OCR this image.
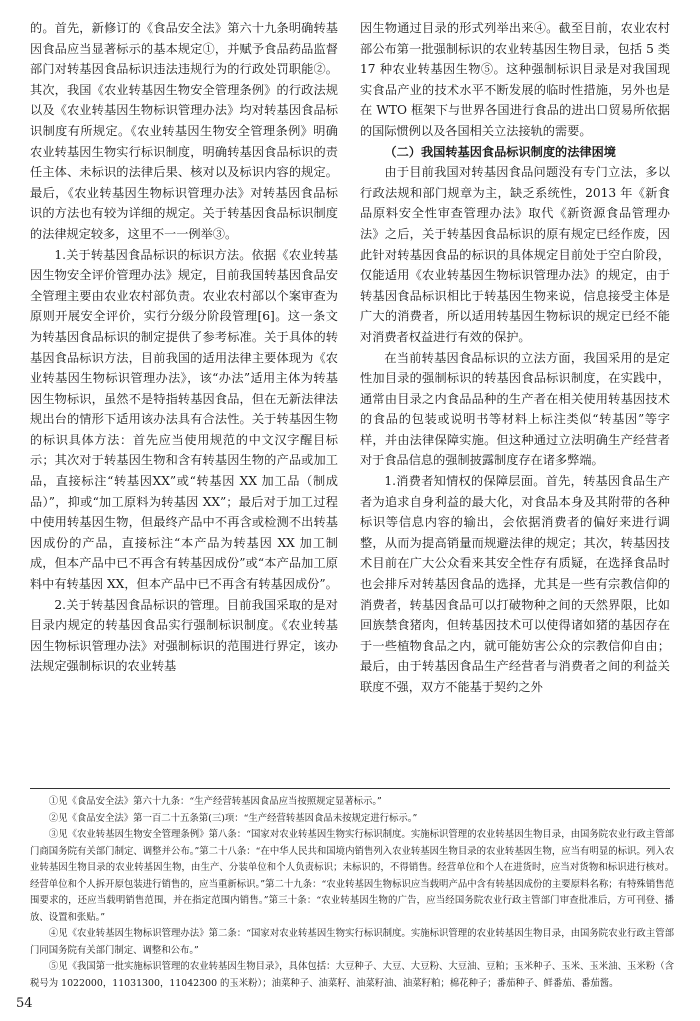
的。首先，新修订的《食品安全法》第六十九条明确转基因食品应当显著标示的基本规定①，并赋予食品药品监督部门对转基因食品标识违法违规行为的行政处罚职能②。其次，我国《农业转基因生物安全管理条例》的行政法规以及《农业转基因生物标识管理办法》均对转基因食品标识制度有所规定。《农业转基因生物安全管理条例》明确农业转基因生物实行标识制度，明确转基因食品标识的责任主体、未标识的法律后果、核对以及标识内容的规定。最后，《农业转基因生物标识管理办法》对转基因食品标识的方法也有较为详细的规定。关于转基因食品标识制度的法律规定较多，这里不一一例举③。

1.关于转基因食品标识的标识方法。依据《农业转基因生物安全评价管理办法》规定，目前我国转基因食品安全管理主要由农业农村部负责。农业农村部以个案审查为原则开展安全评价，实行分级分阶段管理[6]。这一条文为转基因食品标识的制定提供了参考标准。关于具体的转基因食品标识方法，目前我国的适用法律主要体现为《农业转基因生物标识管理办法》，该“办法”适用主体为转基因生物标识，虽然不是特指转基因食品，但在无新法律法规出台的情形下适用该办法具有合法性。关于转基因生物的标识具体方法：首先应当使用规范的中文汉字醒目标示；其次对于转基因生物和含有转基因生物的产品或加工品，直接标注“转基因XX”或“转基因 XX 加工品（制成品）”，抑或“加工原料为转基因 XX”；最后对于加工过程中使用转基因生物，但最终产品中不再含或检测不出转基因成份的产品，直接标注“本产品为转基因 XX 加工制成，但本产品中已不再含有转基因成份”或“本产品加工原料中有转基因 XX，但本产品中已不再含有转基因成份”。

2.关于转基因食品标识的管理。目前我国采取的是对目录内规定的转基因食品实行强制标识制度。《农业转基因生物标识管理办法》对强制标识的范围进行界定，该办法规定强制标识的农业转基

因生物通过目录的形式列举出来④。截至目前，农业农村部公布第一批强制标识的农业转基因生物目录，包括 5 类 17 种农业转基因生物⑤。这种强制标识目录是对我国现实食品产业的技术水平不断发展的临时性措施，另外也是在 WTO 框架下与世界各国进行食品的进出口贸易所依据的国际惯例以及各国相关立法接轨的需要。

（二）我国转基因食品标识制度的法律困境

由于目前我国对转基因食品问题没有专门立法，多以行政法规和部门规章为主，缺乏系统性，2013 年《新食品原料安全性审查管理办法》取代《新资源食品管理办法》之后，关于转基因食品标识的原有规定已经作废，因此针对转基因食品的标识的具体规定目前处于空白阶段，仅能适用《农业转基因生物标识管理办法》的规定，由于转基因食品标识相比于转基因生物来说，信息接受主体是广大的消费者，所以适用转基因生物标识的规定已经不能对消费者权益进行有效的保护。

在当前转基因食品标识的立法方面，我国采用的是定性加目录的强制标识的转基因食品标识制度，在实践中，通常由目录之内食品品种的生产者在相关使用转基因技术的食品的包装或说明书等材料上标注类似“转基因”等字样，并由法律保障实施。但这种通过立法明确生产经营者对于食品信息的强制披露制度存在诸多弊端。

1.消费者知情权的保障层面。首先，转基因食品生产者为追求自身利益的最大化，对食品本身及其附带的各种标识等信息内容的输出，会依据消费者的偏好来进行调整，从而为提高销量而规避法律的规定；其次，转基因技术目前在广大公众看来其安全性存有质疑，在选择食品时也会排斥对转基因食品的选择，尤其是一些有宗教信仰的消费者，转基因食品可以打破物种之间的天然界限，比如回族禁食猪肉，但转基因技术可以使得诸如猪的基因存在于一些植物食品之内，就可能妨害公众的宗教信仰自由；最后，由于转基因食品生产经营者与消费者之间的利益关联度不强，双方不能基于契约之外

①见《食品安全法》第六十九条：“生产经营转基因食品应当按照规定显著标示。”

②见《食品安全法》第一百二十五条第(三)项：“生产经营转基因食品未按规定进行标示。”

③见《农业转基因生物安全管理条例》第八条：“国家对农业转基因生物实行标识制度。实施标识管理的农业转基因生物目录，由国务院农业行政主管部门商国务院有关部门制定、调整并公布。”第二十八条：“在中华人民共和国境内销售列入农业转基因生物目录的农业转基因生物，应当有明显的标识。列入农业转基因生物目录的农业转基因生物，由生产、分装单位和个人负责标识；未标识的，不得销售。经营单位和个人在进货时，应当对货物和标识进行核对。经营单位和个人拆开原包装进行销售的，应当重新标识。”第二十九条：“农业转基因生物标识应当载明产品中含有转基因成份的主要原料名称；有特殊销售范围要求的，还应当载明销售范围，并在指定范围内销售。”第三十条：“农业转基因生物的广告，应当经国务院农业行政主管部门审查批准后，方可刊登、播放、设置和张贴。”

④见《农业转基因生物标识管理办法》第二条：“国家对农业转基因生物实行标识制度。实施标识管理的农业转基因生物目录，由国务院农业行政主管部门同国务院有关部门制定、调整和公布。”

⑤见《我国第一批实施标识管理的农业转基因生物目录》，具体包括：大豆种子、大豆、大豆粉、大豆油、豆粕；玉米种子、玉米、玉米油、玉米粉（含税号为 1022000，11031300，11042300 的玉米粉）；油菜种子、油菜籽、油菜籽油、油菜籽粕；棉花种子；番茄种子、鲜番茄、番茄酱。

54
